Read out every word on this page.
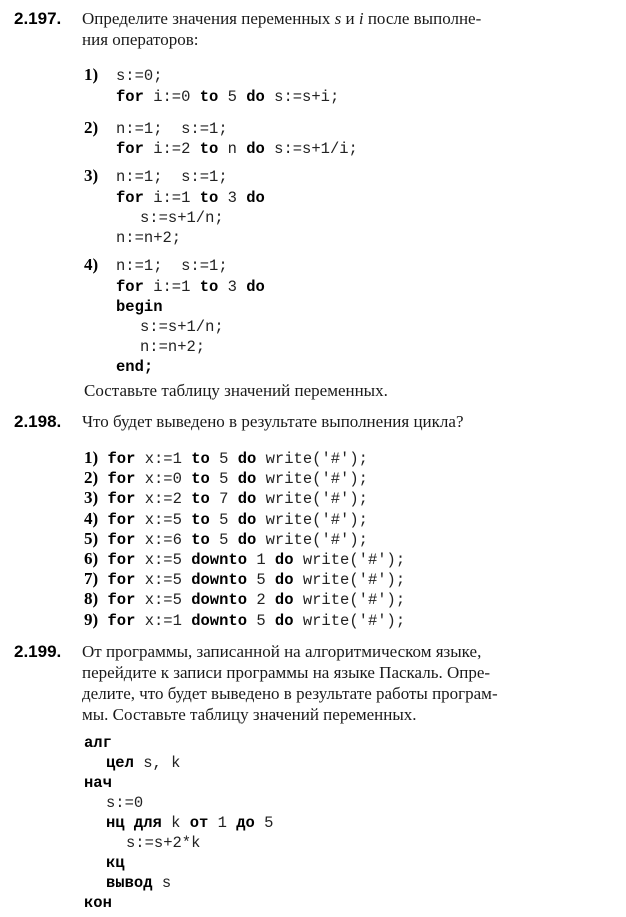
2.197. Определите значения переменных s и i после выполне-
ния операторов:
1) s:=0;
for i:=0 to 5 do s:=s+i;
2) n:=1;  s:=1;
for i:=2 to n do s:=s+1/i;
3) n:=1;  s:=1;
for i:=1 to 3 do
s:=s+1/n;
n:=n+2;
4) n:=1;  s:=1;
for i:=1 to 3 do
begin
s:=s+1/n;
n:=n+2;
end;
Составьте таблицу значений переменных.
2.198. Что будет выведено в результате выполнения цикла?
1) for x:=1 to 5 do write('#');
2) for x:=0 to 5 do write('#');
3) for x:=2 to 7 do write('#');
4) for x:=5 to 5 do write('#');
5) for x:=6 to 5 do write('#');
6) for x:=5 downto 1 do write('#');
7) for x:=5 downto 5 do write('#');
8) for x:=5 downto 2 do write('#');
9) for x:=1 downto 5 do write('#');
2.199. От программы, записанной на алгоритмическом языке,
перейдите к записи программы на языке Паскаль. Опре-
делите, что будет выведено в результате работы програм-
мы. Составьте таблицу значений переменных.
алг
цел s, k
нач
s:=0
нц для k от 1 до 5
s:=s+2*k
кц
вывод s
кон
